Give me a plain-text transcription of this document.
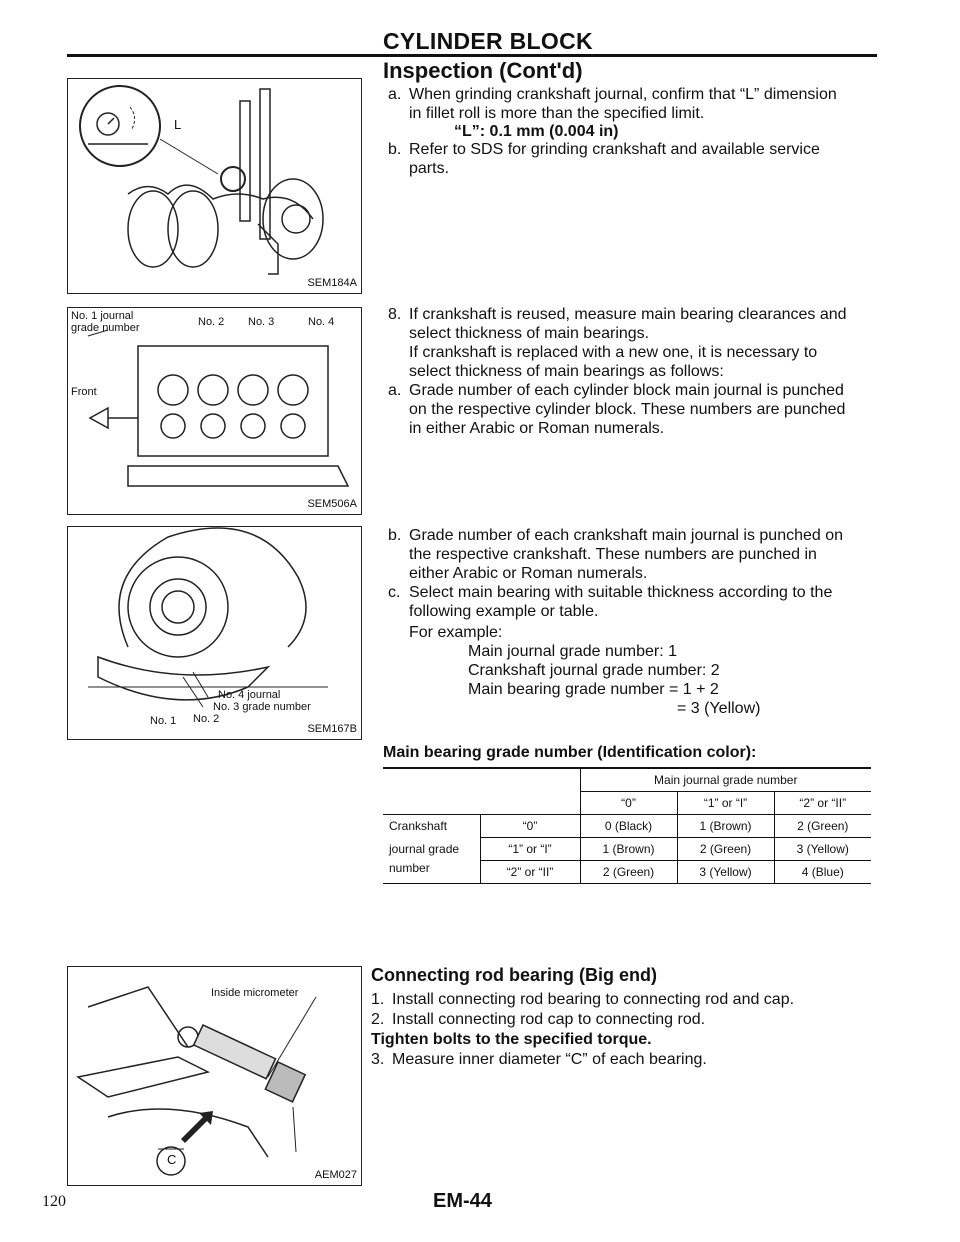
CYLINDER BLOCK
Inspection (Cont'd)
L
SEM184A
No. 1 journal
grade number	No. 2 No. 3	No. 4
Front
SEM506A
No. 4 journal
No. 3 grade number
No. 1 No. 2
SEM167B
Inside micrometer
C
AEM027
a. When grinding crankshaft journal, confirm that “L” dimension
in fillet roll is more than the specified limit.
“L”: 0.1 mm (0.004 in)
b. Refer to SDS for grinding crankshaft and available service
parts.
8. If crankshaft is reused, measure main bearing clearances and
select thickness of main bearings.
If crankshaft is replaced with a new one, it is necessary to
select thickness of main bearings as follows:
a. Grade number of each cylinder block main journal is punched
on the respective cylinder block. These numbers are punched
in either Arabic or Roman numerals.
b. Grade number of each crankshaft main journal is punched on
the respective crankshaft. These numbers are punched in
either Arabic or Roman numerals.
c. Select main bearing with suitable thickness according to the
following example or table.
For example:
Main journal grade number: 1
Crankshaft journal grade number: 2
Main bearing grade number = 1 + 2
= 3 (Yellow)
Main bearing grade number (Identification color):
		Main journal grade number		
		“0”	“1” or “I”	“2” or “II”
Crankshaft	“0”	0 (Black)	1 (Brown)	2 (Green)
journal grade	“1” or “I”	1 (Brown)	2 (Green)	3 (Yellow)
number	“2” or “II”	2 (Green)	3 (Yellow)	4 (Blue)
Connecting rod bearing (Big end)
1. Install connecting rod bearing to connecting rod and cap.
2. Install connecting rod cap to connecting rod.
Tighten bolts to the specified torque.
3. Measure inner diameter “C” of each bearing.
120	EM-44
